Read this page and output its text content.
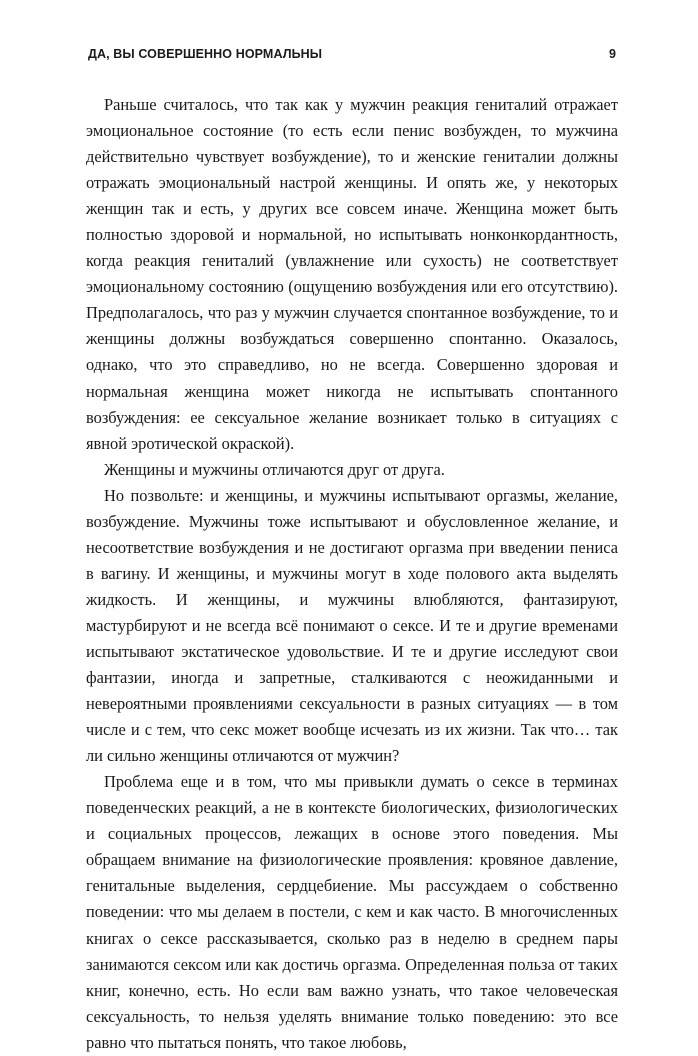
ДА, ВЫ СОВЕРШЕННО НОРМАЛЬНЫ	9

Раньше считалось, что так как у мужчин реакция гениталий отражает эмоциональное состояние (то есть если пенис возбужден, то мужчина действительно чувствует возбуждение), то и женские гениталии должны отражать эмоциональный настрой женщины. И опять же, у некоторых женщин так и есть, у других все совсем иначе. Женщина может быть полностью здоровой и нормальной, но испытывать нонконкордантность, когда реакция гениталий (увлажнение или сухость) не соответствует эмоциональному состоянию (ощущению возбуждения или его отсутствию). Предполагалось, что раз у мужчин случается спонтанное возбуждение, то и женщины должны возбуждаться совершенно спонтанно. Оказалось, однако, что это справедливо, но не всегда. Совершенно здоровая и нормальная женщина может никогда не испытывать спонтанного возбуждения: ее сексуальное желание возникает только в ситуациях с явной эротической окраской).

Женщины и мужчины отличаются друг от друга.

Но позвольте: и женщины, и мужчины испытывают оргазмы, желание, возбуждение. Мужчины тоже испытывают и обусловленное желание, и несоответствие возбуждения и не достигают оргазма при введении пениса в вагину. И женщины, и мужчины могут в ходе полового акта выделять жидкость. И женщины, и мужчины влюбляются, фантазируют, мастурбируют и не всегда всё понимают о сексе. И те и другие временами испытывают экстатическое удовольствие. И те и другие исследуют свои фантазии, иногда и запретные, сталкиваются с неожиданными и невероятными проявлениями сексуальности в разных ситуациях — в том числе и с тем, что секс может вообще исчезать из их жизни. Так что… так ли сильно женщины отличаются от мужчин?

Проблема еще и в том, что мы привыкли думать о сексе в терминах поведенческих реакций, а не в контексте биологических, физиологических и социальных процессов, лежащих в основе этого поведения. Мы обращаем внимание на физиологические проявления: кровяное давление, генитальные выделения, сердцебиение. Мы рассуждаем о собственно поведении: что мы делаем в постели, с кем и как часто. В многочисленных книгах о сексе рассказывается, сколько раз в неделю в среднем пары занимаются сексом или как достичь оргазма. Определенная польза от таких книг, конечно, есть. Но если вам важно узнать, что такое человеческая сексуальность, то нельзя уделять внимание только поведению: это все равно что пытаться понять, что такое любовь,
